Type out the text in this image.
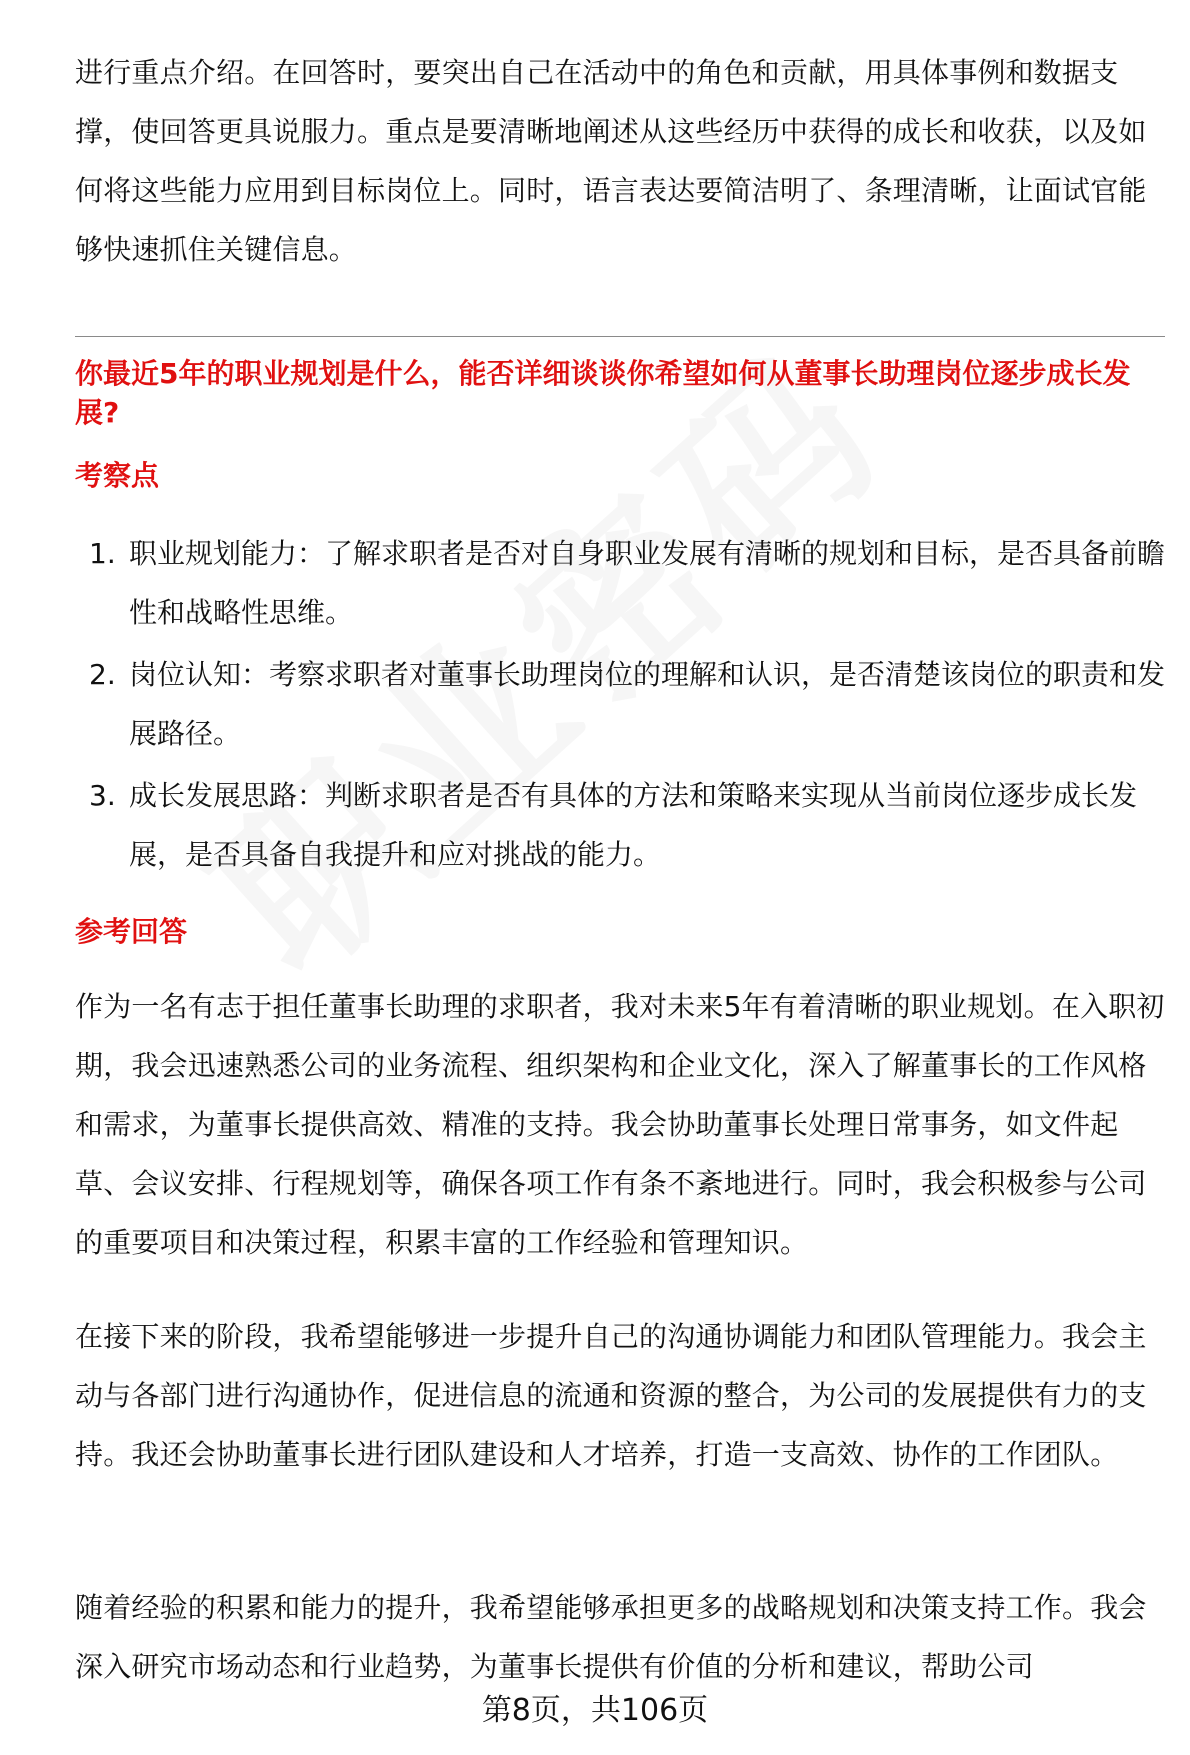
进行重点介绍。在回答时，要突出自己在活动中的角色和贡献，用具体事例和数据支撑，使回答更具说服力。重点是要清晰地阐述从这些经历中获得的成长和收获，以及如何将这些能力应用到目标岗位上。同时，语言表达要简洁明了、条理清晰，让面试官能够快速抓住关键信息。

你最近5年的职业规划是什么，能否详细谈谈你希望如何从董事长助理岗位逐步成长发展?
考察点
1. 职业规划能力：了解求职者是否对自身职业发展有清晰的规划和目标，是否具备前瞻性和战略性思维。
2. 岗位认知：考察求职者对董事长助理岗位的理解和认识，是否清楚该岗位的职责和发展路径。
3. 成长发展思路：判断求职者是否有具体的方法和策略来实现从当前岗位逐步成长发展，是否具备自我提升和应对挑战的能力。
参考回答

作为一名有志于担任董事长助理的求职者，我对未来5年有着清晰的职业规划。在入职初期，我会迅速熟悉公司的业务流程、组织架构和企业文化，深入了解董事长的工作风格和需求，为董事长提供高效、精准的支持。我会协助董事长处理日常事务，如文件起草、会议安排、行程规划等，确保各项工作有条不紊地进行。同时，我会积极参与公司的重要项目和决策过程，积累丰富的工作经验和管理知识。

在接下来的阶段，我希望能够进一步提升自己的沟通协调能力和团队管理能力。我会主动与各部门进行沟通协作，促进信息的流通和资源的整合，为公司的发展提供有力的支持。我还会协助董事长进行团队建设和人才培养，打造一支高效、协作的工作团队。

随着经验的积累和能力的提升，我希望能够承担更多的战略规划和决策支持工作。我会深入研究市场动态和行业趋势，为董事长提供有价值的分析和建议，帮助公司

第8页，共106页
